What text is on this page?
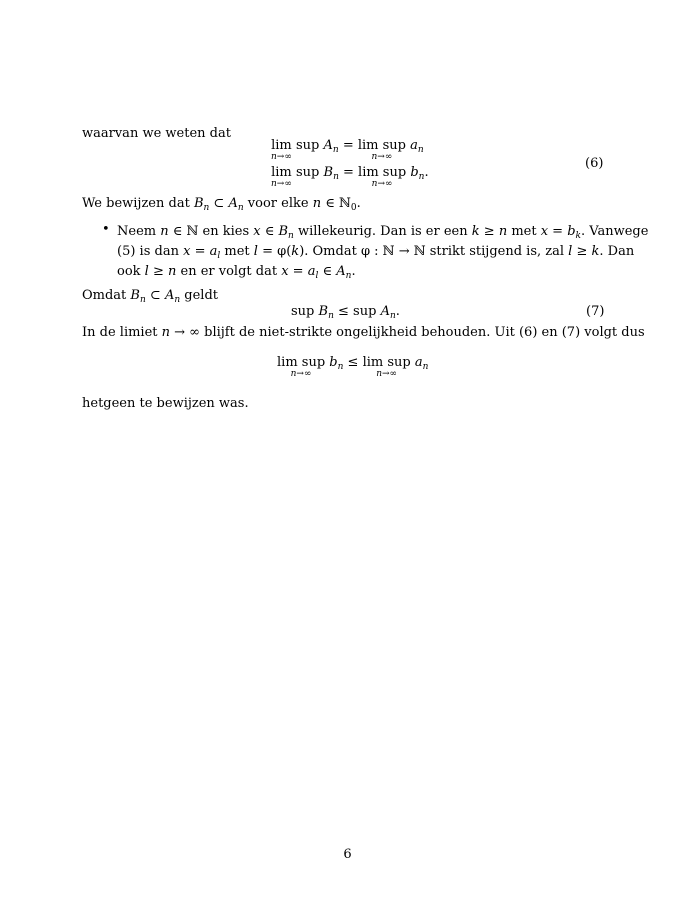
waarvan we weten dat
lim
n→∞
sup $A_n = \lim$ sup
n→∞
$a_n$
lim
n→∞
sup $B_n = \lim$ sup
n→∞
$b_n$.
(6)
We bewijzen dat $B_n$ ⊂ $A_n$ voor elke n ∈ ℕ$_0$.
• Neem n ∈ ℕ en kies x ∈ $B_n$ willekeurig. Dan is er een k ≥ n met $x = b_k$. Vanwege
(5) is dan $x = a_l$ met l = φ(k). Omdat φ : ℕ → ℕ strikt stijgend is, zal l ≥ k. Dan
ook l ≥ n en er volgt dat $x = a_l$ ∈ $A_n$.
Omdat $B_n$ ⊂ $A_n$ geldt
sup $B_n$ ≤ sup $A_n$.	(7)
In de limiet n → ∞ blijft de niet-strikte ongelijkheid behouden. Uit (6) en (7) volgt dus
lim sup
n→∞
$b_n \le \lim$ sup
n→∞
$a_n$
hetgeen te bewijzen was.
6
